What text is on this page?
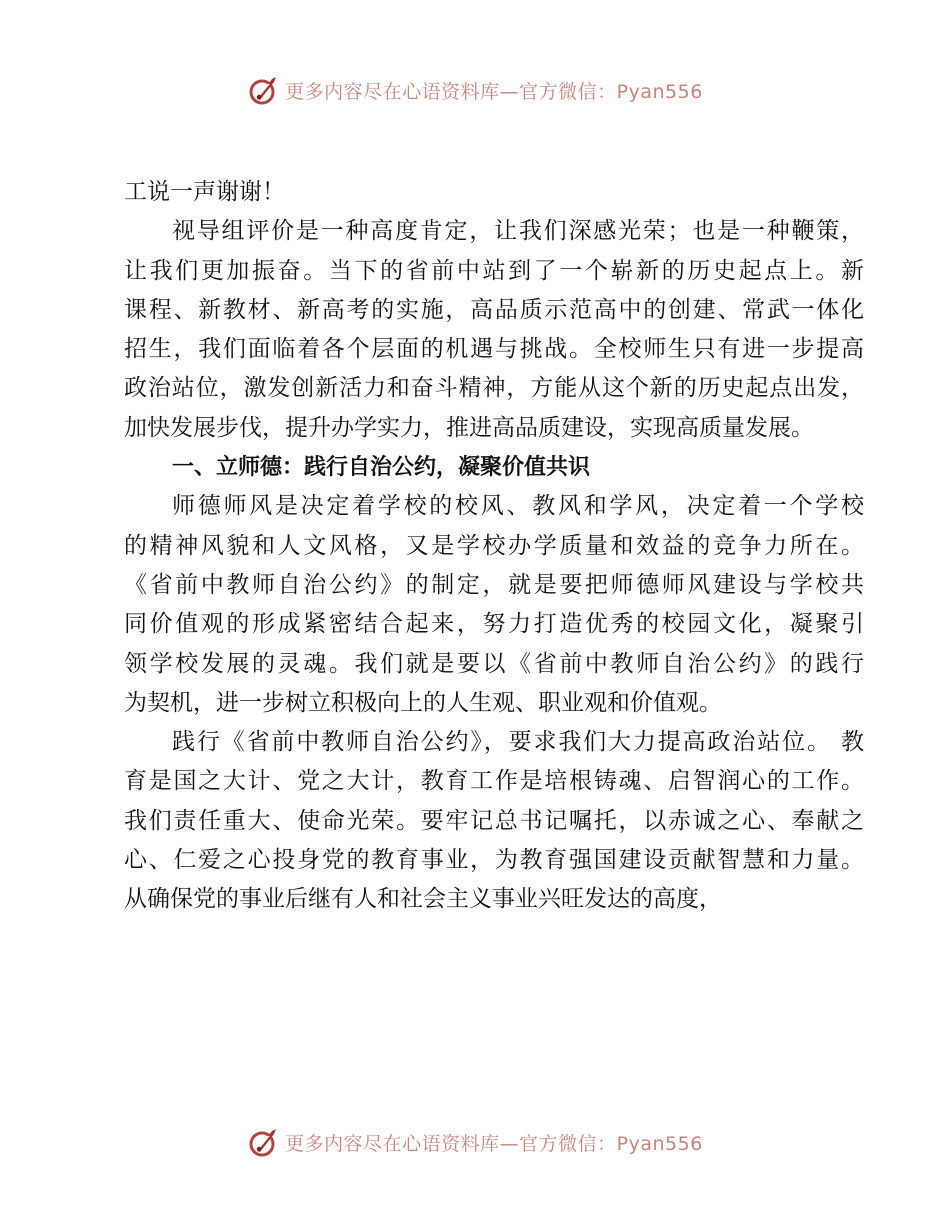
更多内容尽在心语资料库—官方微信：Pyan556
工说一声谢谢！
视导组评价是一种高度肯定，让我们深感光荣；也是一种鞭策，
让我们更加振奋。当下的省前中站到了一个崭新的历史起点上。新
课程、新教材、新高考的实施，高品质示范高中的创建、常武一体化
招生，我们面临着各个层面的机遇与挑战。全校师生只有进一步提高
政治站位，激发创新活力和奋斗精神，方能从这个新的历史起点出发，
加快发展步伐，提升办学实力，推进高品质建设，实现高质量发展。
一、立师德：践行自治公约，凝聚价值共识
师德师风是决定着学校的校风、教风和学风，决定着一个学校
的精神风貌和人文风格，又是学校办学质量和效益的竞争力所在。
《省前中教师自治公约》的制定，就是要把师德师风建设与学校共
同价值观的形成紧密结合起来，努力打造优秀的校园文化，凝聚引
领学校发展的灵魂。我们就是要以《省前中教师自治公约》的践行
为契机，进一步树立积极向上的人生观、职业观和价值观。
践行《省前中教师自治公约》，要求我们大力提高政治站位。 教
育是国之大计、党之大计，教育工作是培根铸魂、启智润心的工作。
我们责任重大、使命光荣。要牢记总书记嘱托，以赤诚之心、奉献之
心、仁爱之心投身党的教育事业，为教育强国建设贡献智慧和力量。
从确保党的事业后继有人和社会主义事业兴旺发达的高度，
更多内容尽在心语资料库—官方微信：Pyan556
